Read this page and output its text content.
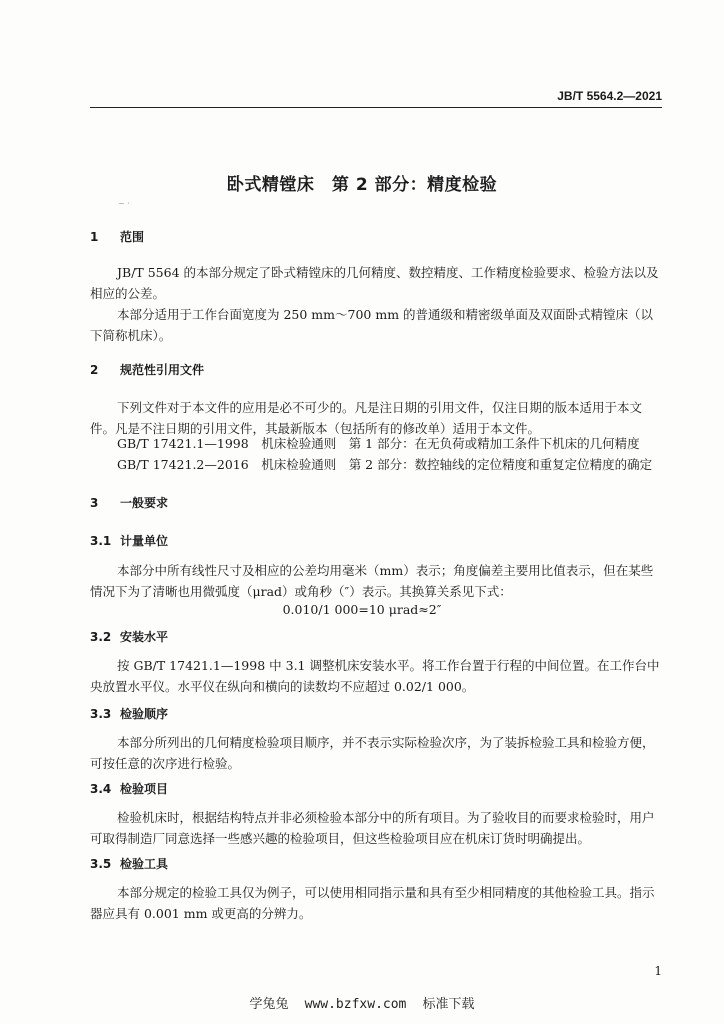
JB/T 5564.2—2021
卧式精镗床　第 2 部分：精度检验
~ ·
1 范围
JB/T 5564 的本部分规定了卧式精镗床的几何精度、数控精度、工作精度检验要求、检验方法以及相应的公差。
本部分适用于工作台面宽度为 250 mm～700 mm 的普通级和精密级单面及双面卧式精镗床（以下简称机床）。
2 规范性引用文件
下列文件对于本文件的应用是必不可少的。凡是注日期的引用文件，仅注日期的版本适用于本文件。凡是不注日期的引用文件，其最新版本（包括所有的修改单）适用于本文件。
GB/T 17421.1—1998　机床检验通则　第 1 部分：在无负荷或精加工条件下机床的几何精度
GB/T 17421.2—2016　机床检验通则　第 2 部分：数控轴线的定位精度和重复定位精度的确定
3 一般要求
3.1 计量单位
本部分中所有线性尺寸及相应的公差均用毫米（mm）表示；角度偏差主要用比值表示，但在某些情况下为了清晰也用微弧度（μrad）或角秒（″）表示。其换算关系见下式：
0.010/1 000=10 μrad≈2″
3.2 安装水平
按 GB/T 17421.1—1998 中 3.1 调整机床安装水平。将工作台置于行程的中间位置。在工作台中央放置水平仪。水平仪在纵向和横向的读数均不应超过 0.02/1 000。
3.3 检验顺序
本部分所列出的几何精度检验项目顺序，并不表示实际检验次序，为了装拆检验工具和检验方便，可按任意的次序进行检验。
3.4 检验项目
检验机床时，根据结构特点并非必须检验本部分中的所有项目。为了验收目的而要求检验时，用户可取得制造厂同意选择一些感兴趣的检验项目，但这些检验项目应在机床订货时明确提出。
3.5 检验工具
本部分规定的检验工具仅为例子，可以使用相同指示量和具有至少相同精度的其他检验工具。指示器应具有 0.001 mm 或更高的分辨力。
1
学兔兔 www.bzfxw.com 标准下载
